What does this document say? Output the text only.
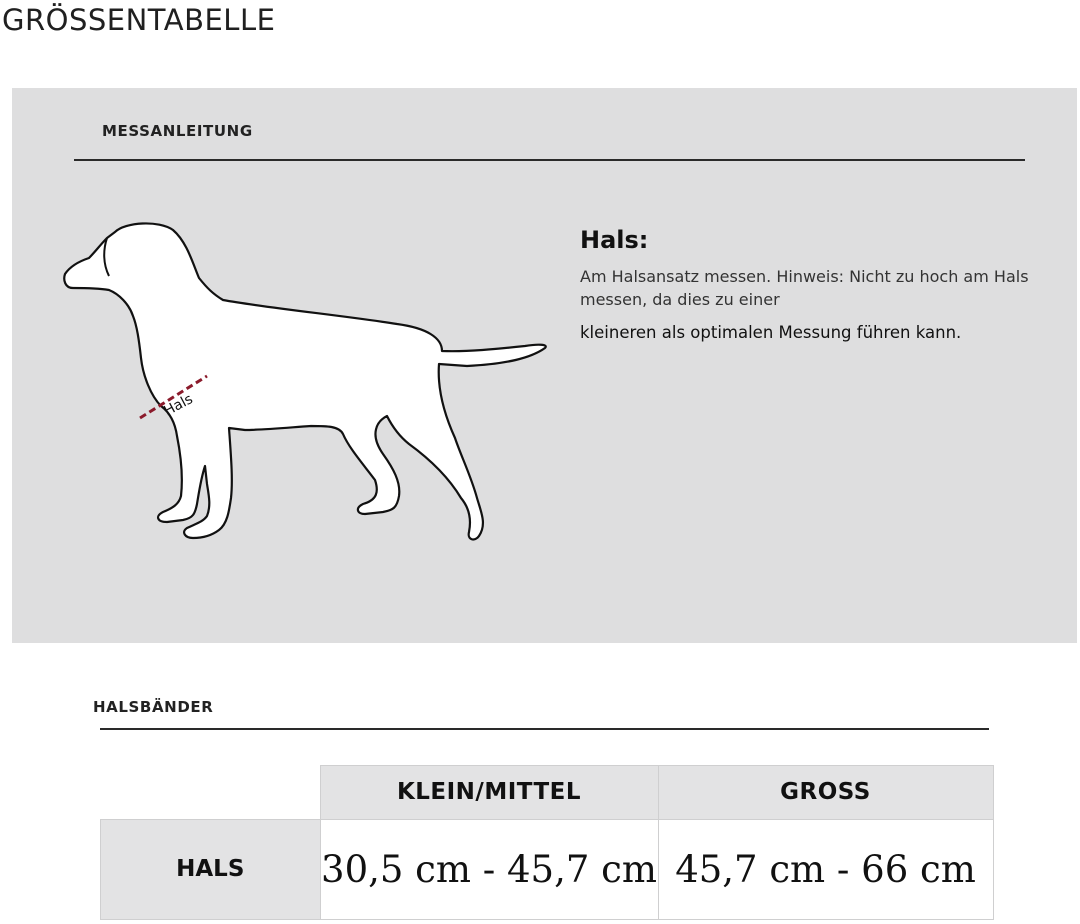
GRÖSSENTABELLE
MESSANLEITUNG
Hals
Hals:
Am Halsansatz messen. Hinweis: Nicht zu hoch am Hals messen, da dies zu einer
kleineren als optimalen Messung führen kann.
HALSBÄNDER
	KLEIN/MITTEL	GROSS
HALS	30,5 cm - 45,7 cm	45,7 cm - 66 cm
